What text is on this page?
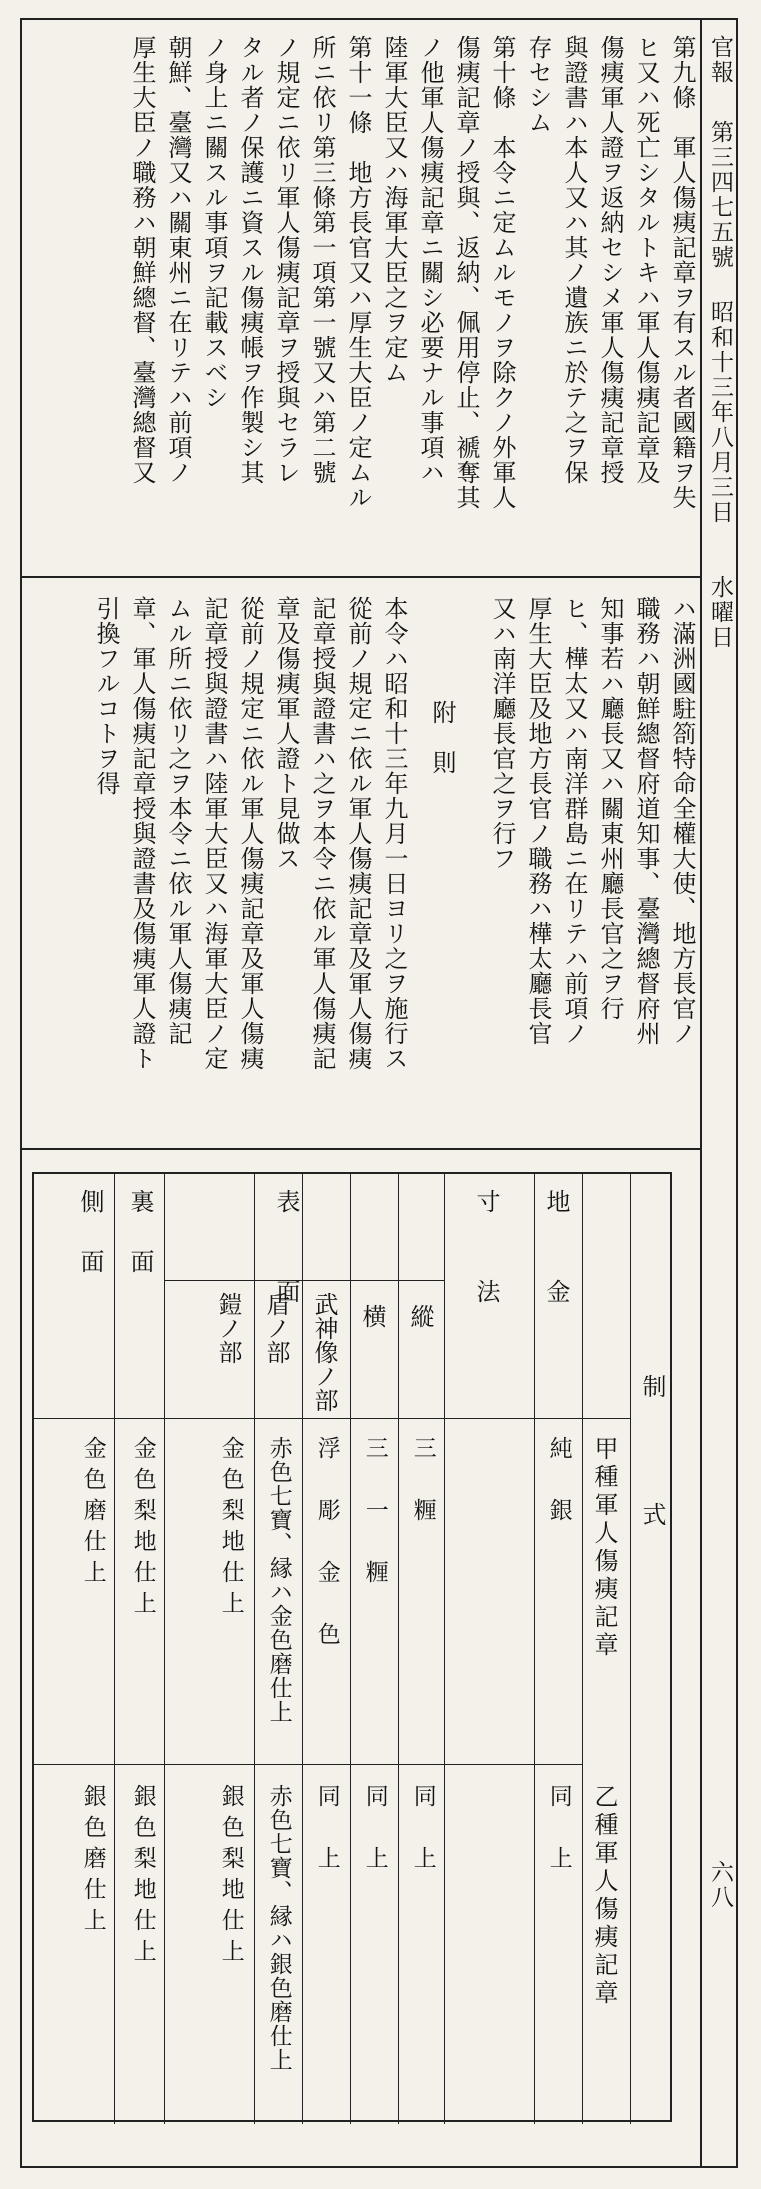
官報
第三四七五號
昭和十三年八月三日
水曜日
六八
第九條　軍人傷痍記章ヲ有スル者國籍ヲ失
ヒ又ハ死亡シタルトキハ軍人傷痍記章及
傷痍軍人證ヲ返納セシメ軍人傷痍記章授
與證書ハ本人又ハ其ノ遺族ニ於テ之ヲ保
存セシム
第十條　本令ニ定ムルモノヲ除クノ外軍人
傷痍記章ノ授與、返納、佩用停止、褫奪其
ノ他軍人傷痍記章ニ關シ必要ナル事項ハ
陸軍大臣又ハ海軍大臣之ヲ定ム
第十一條　地方長官又ハ厚生大臣ノ定ムル
所ニ依リ第三條第一項第一號又ハ第二號
ノ規定ニ依リ軍人傷痍記章ヲ授與セラレ
タル者ノ保護ニ資スル傷痍帳ヲ作製シ其
ノ身上ニ關スル事項ヲ記載スベシ
朝鮮、臺灣又ハ關東州ニ在リテハ前項ノ
厚生大臣ノ職務ハ朝鮮總督、臺灣總督又
ハ滿洲國駐箚特命全權大使、地方長官ノ
職務ハ朝鮮總督府道知事、臺灣總督府州
知事若ハ廳長又ハ關東州廳長官之ヲ行
ヒ、樺太又ハ南洋群島ニ在リテハ前項ノ
厚生大臣及地方長官ノ職務ハ樺太廳長官
又ハ南洋廳長官之ヲ行フ
附　則
本令ハ昭和十三年九月一日ヨリ之ヲ施行ス
從前ノ規定ニ依ル軍人傷痍記章及軍人傷痍
記章授與證書ハ之ヲ本令ニ依ル軍人傷痍記
章及傷痍軍人證ト見做ス
從前ノ規定ニ依ル軍人傷痍記章及軍人傷痍
記章授與證書ハ陸軍大臣又ハ海軍大臣ノ定
ムル所ニ依リ之ヲ本令ニ依ル軍人傷痍記
章、軍人傷痍記章授與證書及傷痍軍人證ト
引換フルコトヲ得
制　　　式
甲種軍人傷痍記章
乙種軍人傷痍記章
地　　金
寸　　法
縱
横
表　　面
武神像ノ部
盾ノ部
鎧ノ部
裏　面
側　面
純　銀
三　糎
三　一　糎
浮　彫　金　色
赤色七寶、縁ハ金色磨仕上
金色梨地仕上
金色梨地仕上
金色磨仕上
同　上
同　上
同　上
同　上
赤色七寶、縁ハ銀色磨仕上
銀色梨地仕上
銀色梨地仕上
銀色磨仕上
